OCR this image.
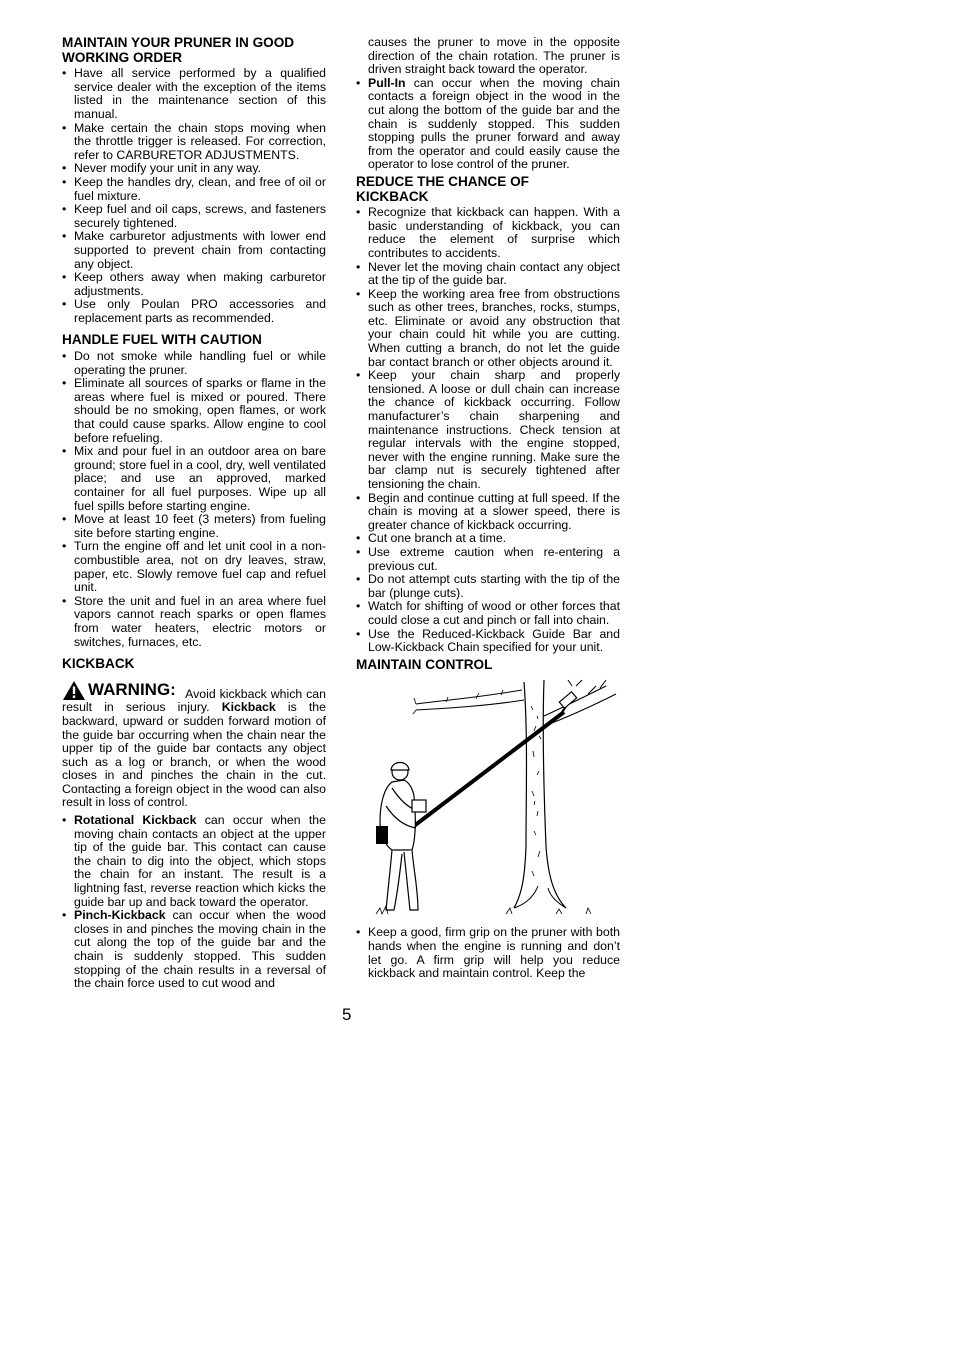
MAINTAIN YOUR PRUNER IN GOOD
WORKING ORDER
• Have all service performed by a qualified service dealer with the exception of the items listed in the maintenance section of this manual.
• Make certain the chain stops moving when the throttle trigger is released. For correction, refer to CARBURETOR ADJUSTMENTS.
• Never modify your unit in any way.
• Keep the handles dry, clean, and free of oil or fuel mixture.
• Keep fuel and oil caps, screws, and fasteners securely tightened.
• Make carburetor adjustments with lower end supported to prevent chain from contacting any object.
• Keep others away when making carburetor adjustments.
• Use only Poulan PRO accessories and replacement parts as recommended.
HANDLE FUEL WITH CAUTION
• Do not smoke while handling fuel or while operating the pruner.
• Eliminate all sources of sparks or flame in the areas where fuel is mixed or poured. There should be no smoking, open flames, or work that could cause sparks. Allow engine to cool before refueling.
• Mix and pour fuel in an outdoor area on bare ground; store fuel in a cool, dry, well ventilated place; and use an approved, marked container for all fuel purposes. Wipe up all fuel spills before starting engine.
• Move at least 10 feet (3 meters) from fueling site before starting engine.
• Turn the engine off and let unit cool in a non-combustible area, not on dry leaves, straw, paper, etc. Slowly remove fuel cap and refuel unit.
• Store the unit and fuel in an area where fuel vapors cannot reach sparks or open flames from water heaters, electric motors or switches, furnaces, etc.
KICKBACK

WARNING: Avoid kickback which can result in serious injury. Kickback is the backward, upward or sudden forward motion of the guide bar occurring when the chain near the upper tip of the guide bar contacts any object such as a log or branch, or when the wood closes in and pinches the chain in the cut. Contacting a foreign object in the wood can also result in loss of control.

• Rotational Kickback can occur when the moving chain contacts an object at the upper tip of the guide bar. This contact can cause the chain to dig into the object, which stops the chain for an instant. The result is a lightning fast, reverse reaction which kicks the guide bar up and back toward the operator.
• Pinch-Kickback can occur when the wood closes in and pinches the moving chain in the cut along the top of the guide bar and the chain is suddenly stopped. This sudden stopping of the chain results in a reversal of the chain force used to cut wood and

causes the pruner to move in the opposite direction of the chain rotation. The pruner is driven straight back toward the operator.

• Pull-In can occur when the moving chain contacts a foreign object in the wood in the cut along the bottom of the guide bar and the chain is suddenly stopped. This sudden stopping pulls the pruner forward and away from the operator and could easily cause the operator to lose control of the pruner.
REDUCE THE CHANCE OF
KICKBACK
• Recognize that kickback can happen. With a basic understanding of kickback, you can reduce the element of surprise which contributes to accidents.
• Never let the moving chain contact any object at the tip of the guide bar.
• Keep the working area free from obstructions such as other trees, branches, rocks, stumps, etc. Eliminate or avoid any obstruction that your chain could hit while you are cutting. When cutting a branch, do not let the guide bar contact branch or other objects around it.
• Keep your chain sharp and properly tensioned. A loose or dull chain can increase the chance of kickback occurring. Follow manufacturer’s chain sharpening and maintenance instructions. Check tension at regular intervals with the engine stopped, never with the engine running. Make sure the bar clamp nut is securely tightened after tensioning the chain.
• Begin and continue cutting at full speed. If the chain is moving at a slower speed, there is greater chance of kickback occurring.
• Cut one branch at a time.
• Use extreme caution when re-entering a previous cut.
• Do not attempt cuts starting with the tip of the bar (plunge cuts).
• Watch for shifting of wood or other forces that could close a cut and pinch or fall into chain.
• Use the Reduced-Kickback Guide Bar and Low-Kickback Chain specified for your unit.
MAINTAIN CONTROL
• Keep a good, firm grip on the pruner with both hands when the engine is running and don’t let go. A firm grip will help you reduce kickback and maintain control. Keep the
5
